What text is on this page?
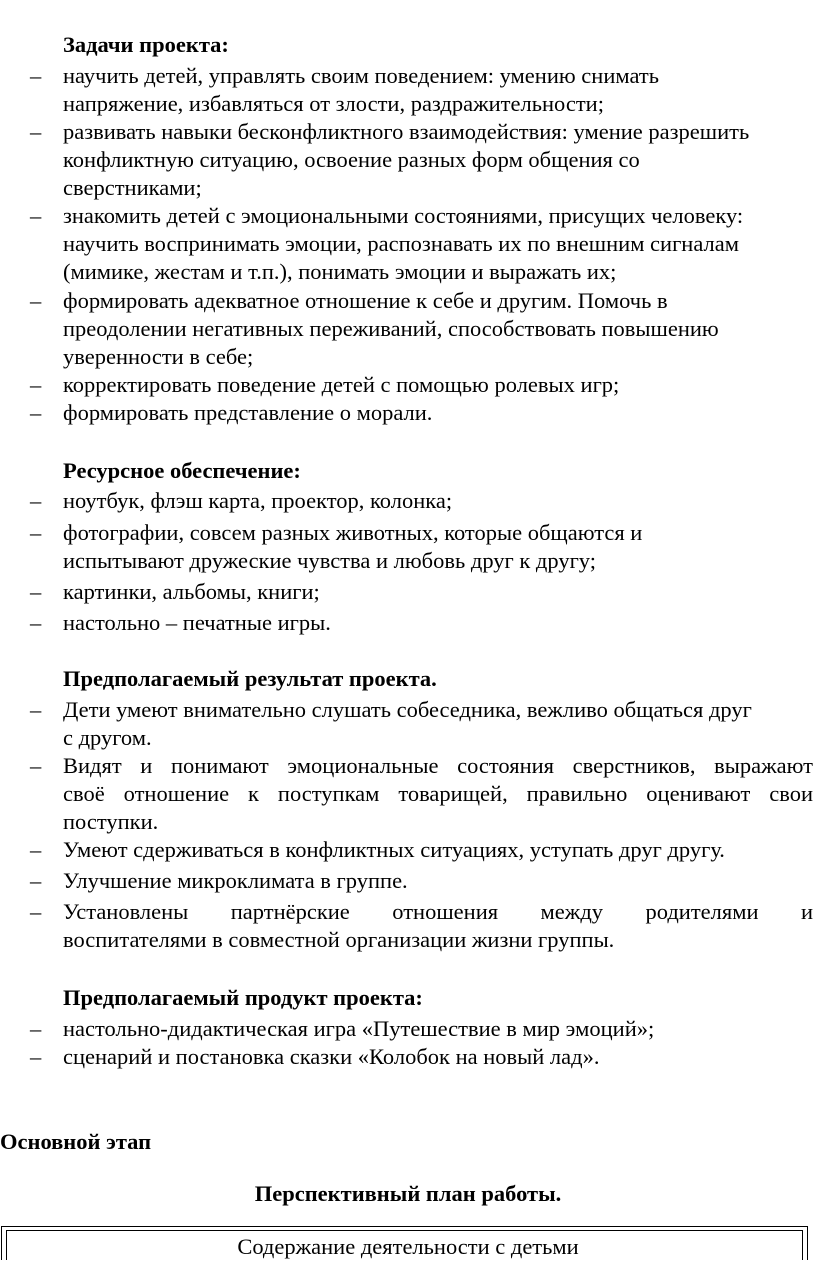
Задачи проекта:
– научить детей, управлять своим поведением: умению снимать
напряжение, избавляться от злости, раздражительности;
– развивать навыки бесконфликтного взаимодействия: умение разрешить
конфликтную ситуацию, освоение разных форм общения со
сверстниками;
– знакомить детей с эмоциональными состояниями, присущих человеку:
научить воспринимать эмоции, распознавать их по внешним сигналам
(мимике, жестам и т.п.), понимать эмоции и выражать их;
– формировать адекватное отношение к себе и другим. Помочь в
преодолении негативных переживаний, способствовать повышению
уверенности в себе;
– корректировать поведение детей с помощью ролевых игр;
– формировать представление о морали.
Ресурсное обеспечение:
– ноутбук, флэш карта, проектор, колонка;
– фотографии, совсем разных животных, которые общаются и
испытывают дружеские чувства и любовь друг к другу;
– картинки, альбомы, книги;
– настольно – печатные игры.
Предполагаемый результат проекта.
– Дети умеют внимательно слушать собеседника, вежливо общаться друг
с другом.
– Видят и понимают эмоциональные состояния сверстников, выражают
своё отношение к поступкам товарищей, правильно оценивают свои
поступки.
– Умеют сдерживаться в конфликтных ситуациях, уступать друг другу.
– Улучшение микроклимата в группе.
– Установлены партнёрские отношения между родителями и
воспитателями в совместной организации жизни группы.
Предполагаемый продукт проекта:
– настольно-дидактическая игра «Путешествие в мир эмоций»;
– сценарий и постановка сказки «Колобок на новый лад».
Основной этап
Перспективный план работы.
Содержание деятельности с детьми
